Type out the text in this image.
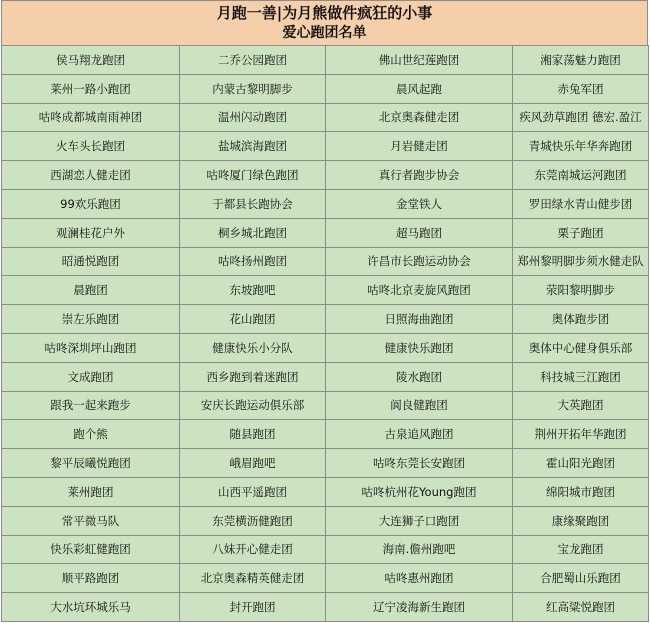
月跑一善|为月熊做件疯狂的小事
爱心跑团名单
侯马翔龙跑团	二乔公园跑团	佛山世纪莲跑团	湘家荡魅力跑团
莱州一路小跑团	内蒙古黎明脚步	晨风起跑	赤兔军团
咕咚成都城南雨神团	温州闪动跑团	北京奥森健走团	疾风劲草跑团 德宏.盈江
火车头长跑团	盐城滨海跑团	月岩健走团	青城快乐年华奔跑团
西湖恋人健走团	咕咚厦门绿色跑团	真行者跑步协会	东莞南城运河跑团
99欢乐跑团	于都县长跑协会	金堂铁人	罗田绿水青山健步团
观澜桂花户外	桐乡城北跑团	超马跑团	栗子跑团
昭通悦跑团	咕咚扬州跑团	许昌市长跑运动协会	郑州黎明脚步须水健走队
晨跑团	东坡跑吧	咕咚北京麦旋风跑团	荥阳黎明脚步
崇左乐跑团	花山跑团	日照海曲跑团	奥体跑步团
咕咚深圳坪山跑团	健康快乐小分队	健康快乐跑团	奥体中心健身俱乐部
文成跑团	西乡跑到着迷跑团	陵水跑团	科技城三江跑团
跟我一起来跑步	安庆长跑运动俱乐部	阆良健跑团	大英跑团
跑个熊	随县跑团	古泉追风跑团	荆州开拓年华跑团
黎平辰曦悦跑团	峨眉跑吧	咕咚东莞长安跑团	霍山阳光跑团
莱州跑团	山西平遥跑团	咕咚杭州花Young跑团	绵阳城市跑团
常平微马队	东莞横沥健跑团	大连狮子口跑团	康缘聚跑团
快乐彩虹健跑团	八妹开心健走团	海南.儋州跑吧	宝龙跑团
顺平路跑团	北京奥森精英健走团	咕咚惠州跑团	合肥蜀山乐跑团
大水坑环城乐马	封开跑团	辽宁凌海新生跑团	红高粱悦跑团
